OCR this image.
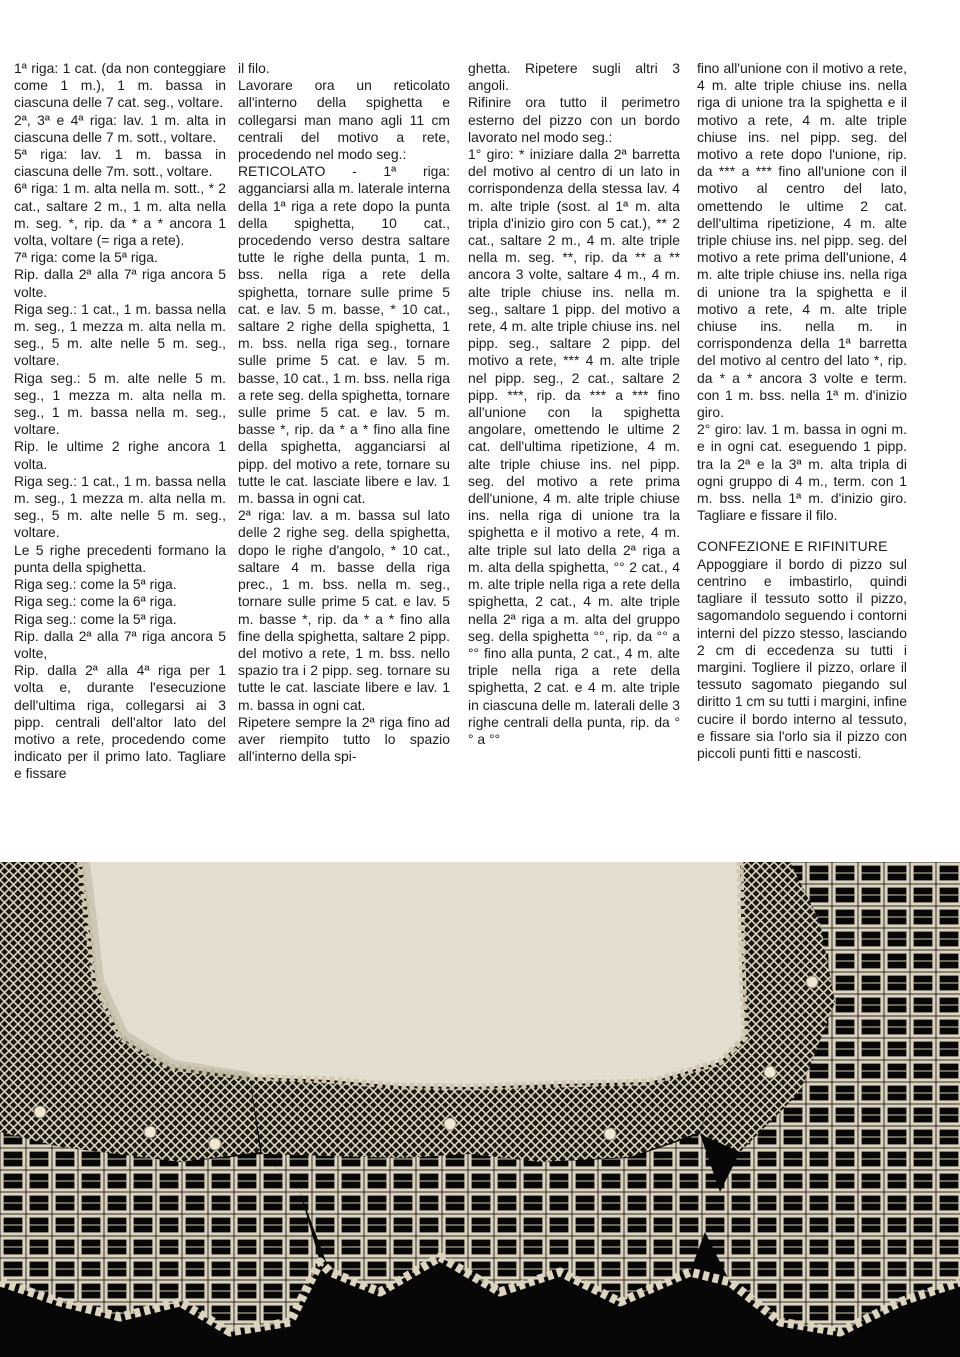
1ª riga: 1 cat. (da non conteggiare come 1 m.), 1 m. bassa in ciascuna delle 7 cat. seg., voltare.

2ª, 3ª e 4ª riga: lav. 1 m. alta in ciascuna delle 7 m. sott., voltare.

5ª riga: lav. 1 m. bassa in ciascuna delle 7m. sott., voltare.

6ª riga: 1 m. alta nella m. sott., * 2 cat., saltare 2 m., 1 m. alta nella m. seg. *, rip. da * a * ancora 1 volta, voltare (= riga a rete).

7ª riga: come la 5ª riga.

Rip. dalla 2ª alla 7ª riga ancora 5 volte.

Riga seg.: 1 cat., 1 m. bassa nella m. seg., 1 mezza m. alta nella m. seg., 5 m. alte nelle 5 m. seg., voltare.

Riga seg.: 5 m. alte nelle 5 m. seg., 1 mezza m. alta nella m. seg., 1 m. bassa nella m. seg., voltare.

Rip. le ultime 2 righe ancora 1 volta.

Riga seg.: 1 cat., 1 m. bassa nella m. seg., 1 mezza m. alta nella m. seg., 5 m. alte nelle 5 m. seg., voltare.

Le 5 righe precedenti formano la punta della spighetta.

Riga seg.: come la 5ª riga.

Riga seg.: come la 6ª riga.

Riga seg.: come la 5ª riga.

Rip. dalla 2ª alla 7ª riga ancora 5 volte,

Rip. dalla 2ª alla 4ª riga per 1 volta e, durante l'esecuzione dell'ultima riga, collegarsi ai 3 pipp. centrali dell'altor lato del motivo a rete, procedendo come indicato per il primo lato. Tagliare e fissare

il filo.

Lavorare ora un reticolato all'interno della spighetta e collegarsi man mano agli 11 cm centrali del motivo a rete, procedendo nel modo seg.:

RETICOLATO - 1ª riga: agganciarsi alla m. laterale interna della 1ª riga a rete dopo la punta della spighetta, 10 cat., procedendo verso destra saltare tutte le righe della punta, 1 m. bss. nella riga a rete della spighetta, tornare sulle prime 5 cat. e lav. 5 m. basse, * 10 cat., saltare 2 righe della spighetta, 1 m. bss. nella riga seg., tornare sulle prime 5 cat. e lav. 5 m. basse, 10 cat., 1 m. bss. nella riga a rete seg. della spighetta, tornare sulle prime 5 cat. e lav. 5 m. basse *, rip. da * a * fino alla fine della spighetta, agganciarsi al pipp. del motivo a rete, tornare su tutte le cat. lasciate libere e lav. 1 m. bassa in ogni cat.

2ª riga: lav. a m. bassa sul lato delle 2 righe seg. della spighetta, dopo le righe d'angolo, * 10 cat., saltare 4 m. basse della riga prec., 1 m. bss. nella m. seg., tornare sulle prime 5 cat. e lav. 5 m. basse *, rip. da * a * fino alla fine della spighetta, saltare 2 pipp. del motivo a rete, 1 m. bss. nello spazio tra i 2 pipp. seg. tornare su tutte le cat. lasciate libere e lav. 1 m. bassa in ogni cat.

Ripetere sempre la 2ª riga fino ad aver riempito tutto lo spazio all'interno della spi-

ghetta. Ripetere sugli altri 3 angoli.

Rifinire ora tutto il perimetro esterno del pizzo con un bordo lavorato nel modo seg.:

1° giro: * iniziare dalla 2ª barretta del motivo al centro di un lato in corrispondenza della stessa lav. 4 m. alte triple (sost. al 1ª m. alta tripla d'inizio giro con 5 cat.), ** 2 cat., saltare 2 m., 4 m. alte triple nella m. seg. **, rip. da ** a ** ancora 3 volte, saltare 4 m., 4 m. alte triple chiuse ins. nella m. seg., saltare 1 pipp. del motivo a rete, 4 m. alte triple chiuse ins. nel pipp. seg., saltare 2 pipp. del motivo a rete, *** 4 m. alte triple nel pipp. seg., 2 cat., saltare 2 pipp. ***, rip. da *** a *** fino all'unione con la spighetta angolare, omettendo le ultime 2 cat. dell'ultima ripetizione, 4 m. alte triple chiuse ins. nel pipp. seg. del motivo a rete prima dell'unione, 4 m. alte triple chiuse ins. nella riga di unione tra la spighetta e il motivo a rete, 4 m. alte triple sul lato della 2ª riga a m. alta della spighetta, °° 2 cat., 4 m. alte triple nella riga a rete della spighetta, 2 cat., 4 m. alte triple nella 2ª riga a m. alta del gruppo seg. della spighetta °°, rip. da °° a °° fino alla punta, 2 cat., 4 m. alte triple nella riga a rete della spighetta, 2 cat. e 4 m. alte triple in ciascuna delle m. laterali delle 3 righe centrali della punta, rip. da °° a °°

fino all'unione con il motivo a rete, 4 m. alte triple chiuse ins. nella riga di unione tra la spighetta e il motivo a rete, 4 m. alte triple chiuse ins. nel pipp. seg. del motivo a rete dopo l'unione, rip. da *** a *** fino all'unione con il motivo al centro del lato, omettendo le ultime 2 cat. dell'ultima ripetizione, 4 m. alte triple chiuse ins. nel pipp. seg. del motivo a rete prima dell'unione, 4 m. alte triple chiuse ins. nella riga di unione tra la spighetta e il motivo a rete, 4 m. alte triple chiuse ins. nella m. in corrispondenza della 1ª barretta del motivo al centro del lato *, rip. da * a * ancora 3 volte e term. con 1 m. bss. nella 1ª m. d'inizio giro.

2° giro: lav. 1 m. bassa in ogni m. e in ogni cat. eseguendo 1 pipp. tra la 2ª e la 3ª m. alta tripla di ogni gruppo di 4 m., term. con 1 m. bss. nella 1ª m. d'inizio giro. Tagliare e fissare il filo.

CONFEZIONE E RIFINITURE

Appoggiare il bordo di pizzo sul centrino e imbastirlo, quindi tagliare il tessuto sotto il pizzo, sagomandolo seguendo i contorni interni del pizzo stesso, lasciando 2 cm di eccedenza su tutti i margini. Togliere il pizzo, orlare il tessuto sagomato piegando sul diritto 1 cm su tutti i margini, infine cucire il bordo interno al tessuto, e fissare sia l'orlo sia il pizzo con piccoli punti fitti e nascosti.
